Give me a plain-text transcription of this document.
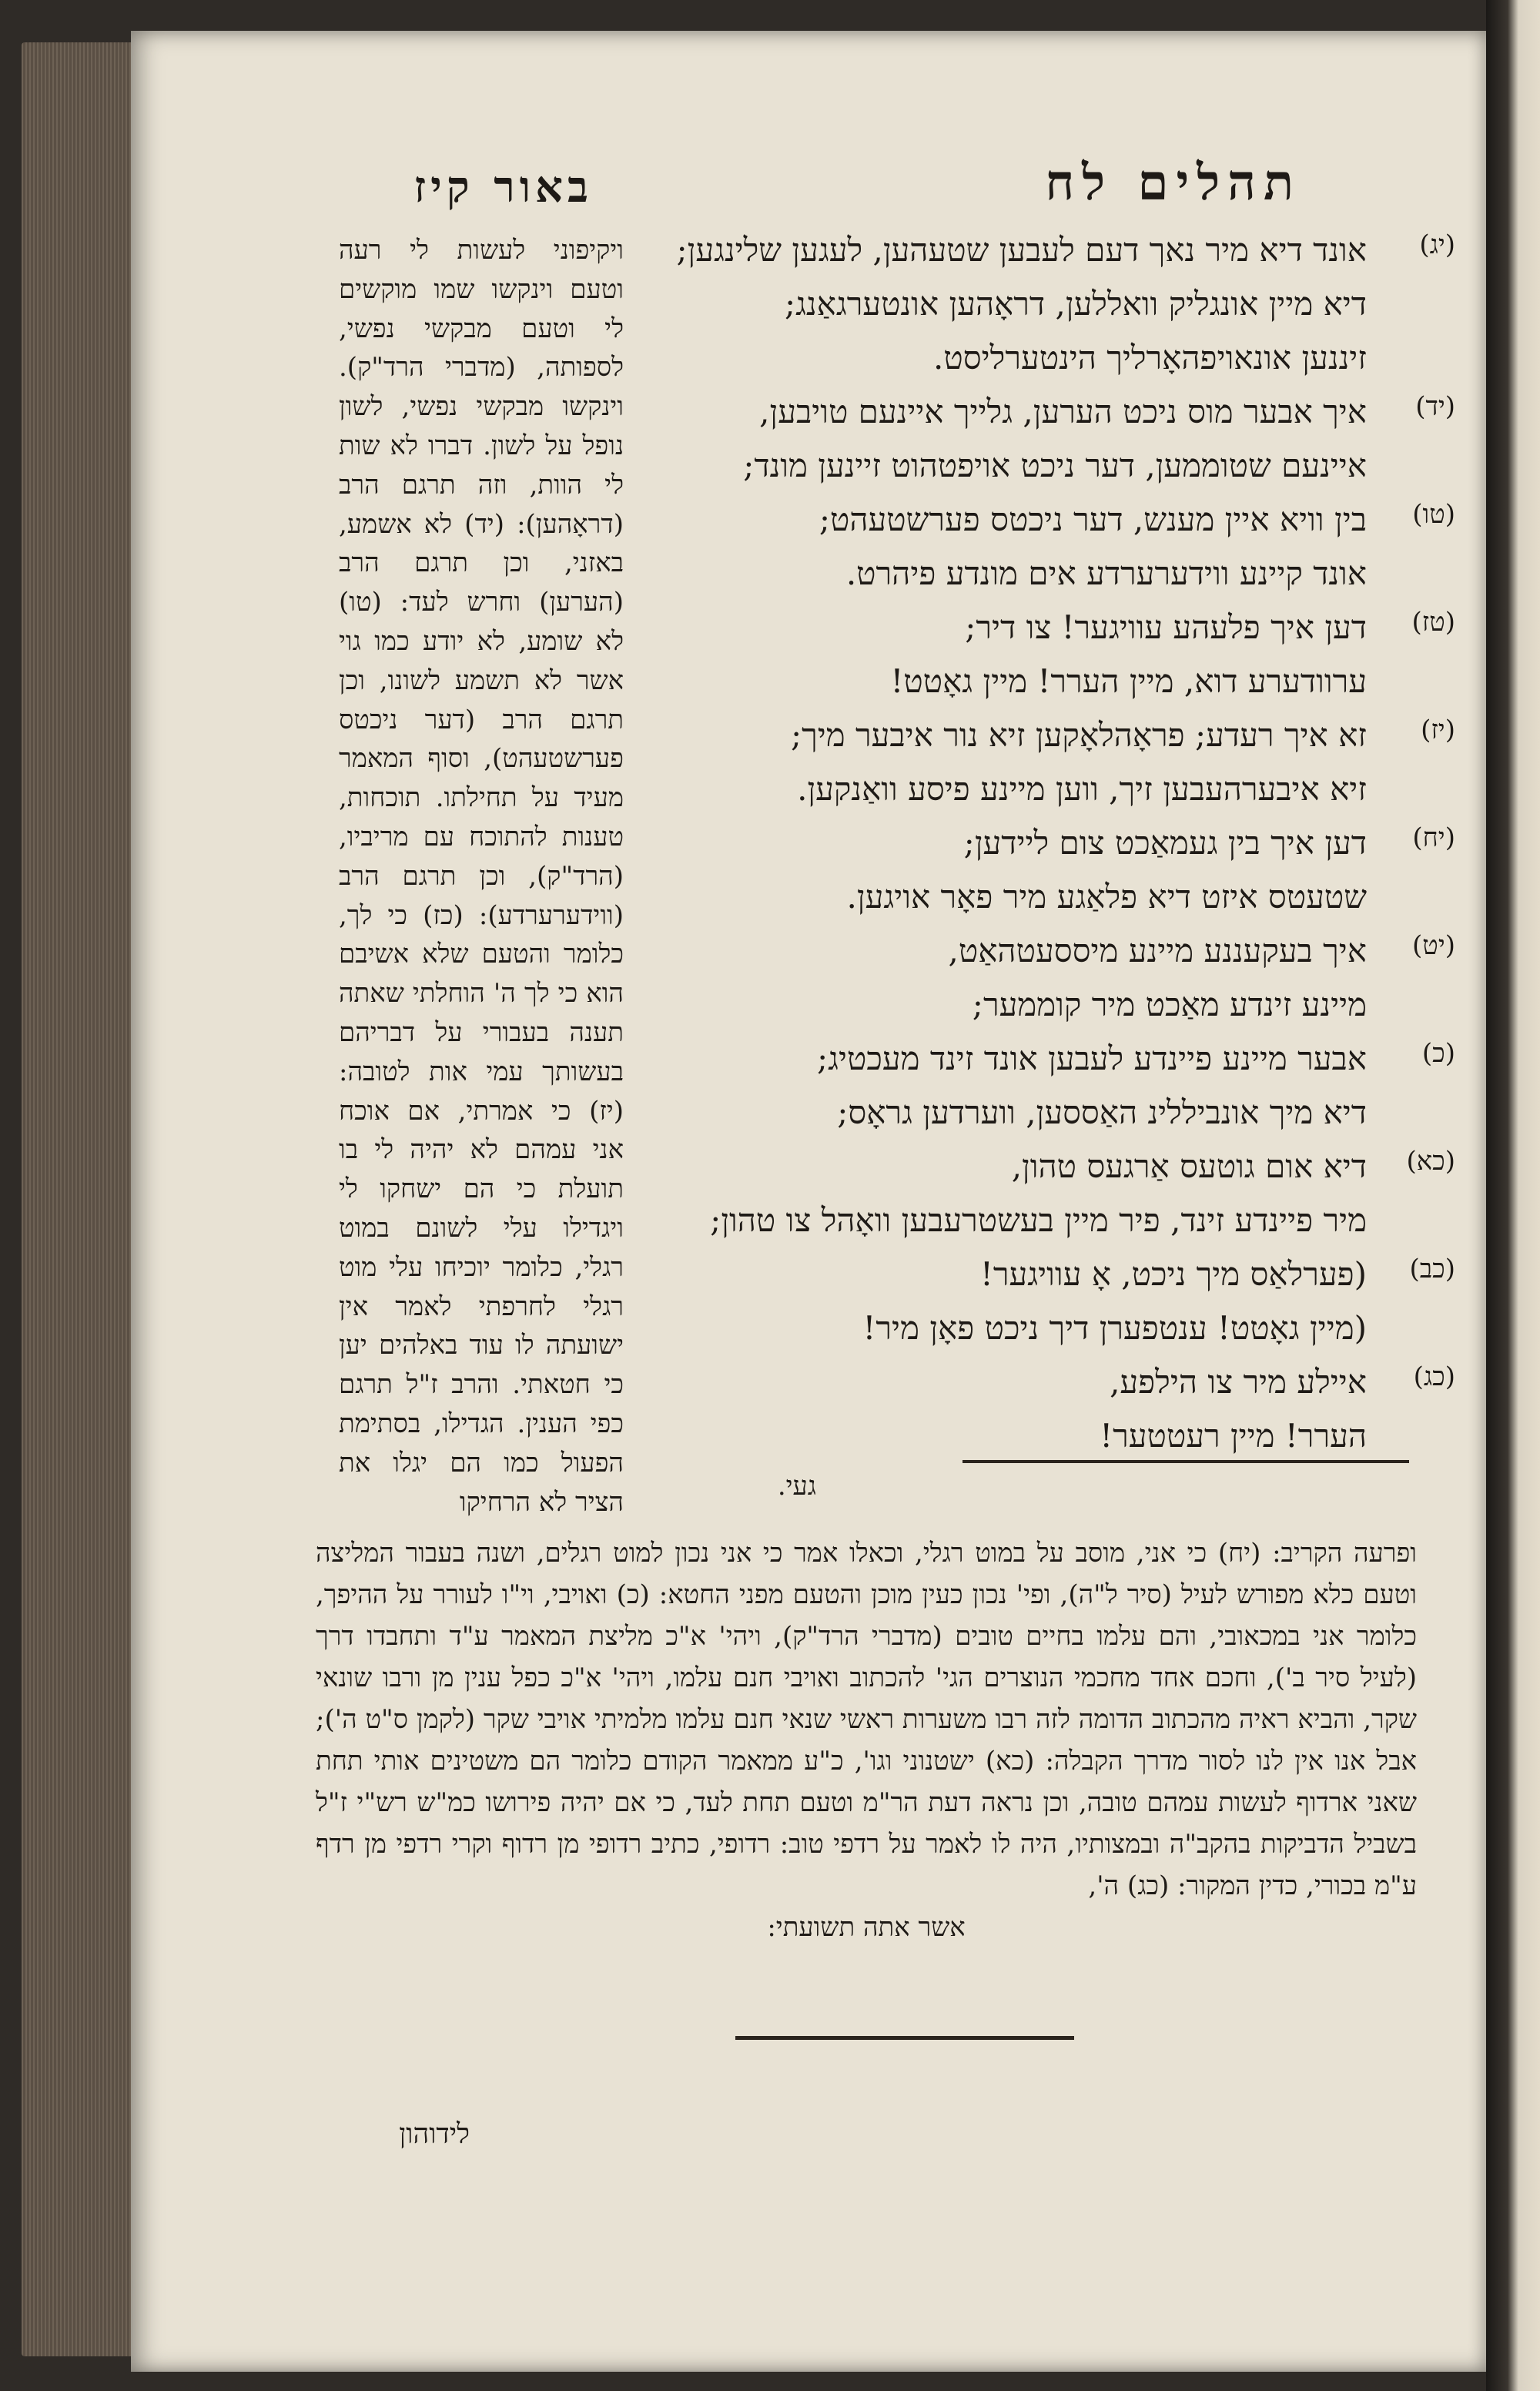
תהלים לח
באור קיז
(יג)
אונד דיא מיר נאך דעם לעבען שטעהען, לעגען שלינגען;
דיא מיין אונגליק וואללען, דראָהען אונטערגאַנג;
זיננען אונאויפהאָרליך הינטערליסט.
(יד)
איך אבער מוס ניכט הערען, גלייך איינעם טויבען,
איינעם שטוממען, דער ניכט אויפטהוט זיינען מונד;
(טו)
בין וויא איין מענש, דער ניכטס פערשטעהט;
אונד קיינע ווידערערדע אים מונדע פיהרט.
(טז)
דען איך פלעהע עוויגער! צו דיר;
ערוודערע דוא, מיין הערר! מיין גאָטט!
(יז)
זא איך רעדע; פראָהלאָקען זיא נור איבער מיך;
זיא איבערהעבען זיך, ווען מיינע פיסע וואַנקען.
(יח)
דען איך בין געמאַכט צום ליידען;
שטעטס איזט דיא פלאַגע מיר פאָר אויגען.
(יט)
איך בעקעננע מיינע מיססעטהאַט,
מיינע זינדע מאַכט מיר קוממער;
(כ)
אבער מיינע פיינדע לעבען אונד זינד מעכטיג;
דיא מיך אונביללינ האַססען, ווערדען גראָס;
(כא)
דיא אום גוטעס אַרגעס טהון,
מיר פיינדע זינד, פיר מיין בעשטרעבען וואָהל צו טהון;
(כב)
(פערלאַס מיך ניכט, אָ עוויגער!
(מיין גאָטט! ענטפערן דיך ניכט פאָן מיר!
(כג)
איילע מיר צו הילפע,
הערר! מיין רעטטער!
ויקיפוני לעשות לי רעה וטעם וינקשו שמו מוקשים לי וטעם מבקשי נפשי, לספותה, (מדברי הרד"ק). וינקשו מבקשי נפשי, לשון נופל על לשון. דברו לא שות לי הוות, וזה תרגם הרב (דראָהען): (יד) לא אשמע, באזני, וכן תרגם הרב (הערען) וחרש לעד: (טו) לא שומע, לא יודע כמו גוי אשר לא תשמע לשונו, וכן תרגם הרב (דער ניכטס פערשטעהט), וסוף המאמר מעיד על תחילתו. תוכחות, טענות להתוכח עם מריביו, (הרד"ק), וכן תרגם הרב (ווידערערדע): (כז) כי לך, כלומר והטעם שלא אשיבם הוא כי לך ה' הוחלתי שאתה תענה בעבורי על דבריהם בעשותך עמי אות לטובה: (יז) כי אמרתי, אם אוכח אני עמהם לא יהיה לי בו תועלת כי הם ישחקו לי ויגדילו עלי לשונם במוט רגלי, כלומר יוכיחו עלי מוט רגלי לחרפתי לאמר אין ישועתה לו עוד באלהים יען כי חטאתי. והרב ז"ל תרגם כפי הענין. הגדילו, בסתימת הפעול כמו הם יגלו את הציר לא הרחיקו
געי.
ופרעה הקריב: (יח) כי אני, מוסב על במוט רגלי, וכאלו אמר כי אני נכון למוט רגלים, ושנה בעבור המליצה וטעם כלא מפורש לעיל (סיר ל"ה), ופי' נכון כעין מוכן והטעם מפני החטא: (כ) ואויבי, וי"ו לעורר על ההיפך, כלומר אני במכאובי, והם עלמו בחיים טובים (מדברי הרד"ק), ויהי' א"כ מליצת המאמר ע"ד ותחבדו דרך (לעיל סיר ב'), וחכם אחד מחכמי הנוצרים הגי' להכתוב ואויבי חנם עלמו, ויהי' א"כ כפל ענין מן ורבו שונאי שקר, והביא ראיה מהכתוב הדומה לזה רבו משערות ראשי שנאי חנם עלמו מלמיתי אויבי שקר (לקמן ס"ט ה'); אבל אנו אין לנו לסור מדרך הקבלה: (כא) ישטנוני וגו', כ"ע ממאמר הקודם כלומר הם משטינים אותי תחת שאני ארדוף לעשות עמהם טובה, וכן נראה דעת הר"מ וטעם תחת לעד, כי אם יהיה פירושו כמ"ש רש"י ז"ל בשביל הדביקות בהקב"ה ובמצותיו, היה לו לאמר על רדפי טוב: רדופי, כתיב רדופי מן רדוף וקרי רדפי מן רדף ע"מ בכורי, כדין המקור: (כג) ה',
אשר אתה תשועתי:
לידוהון
